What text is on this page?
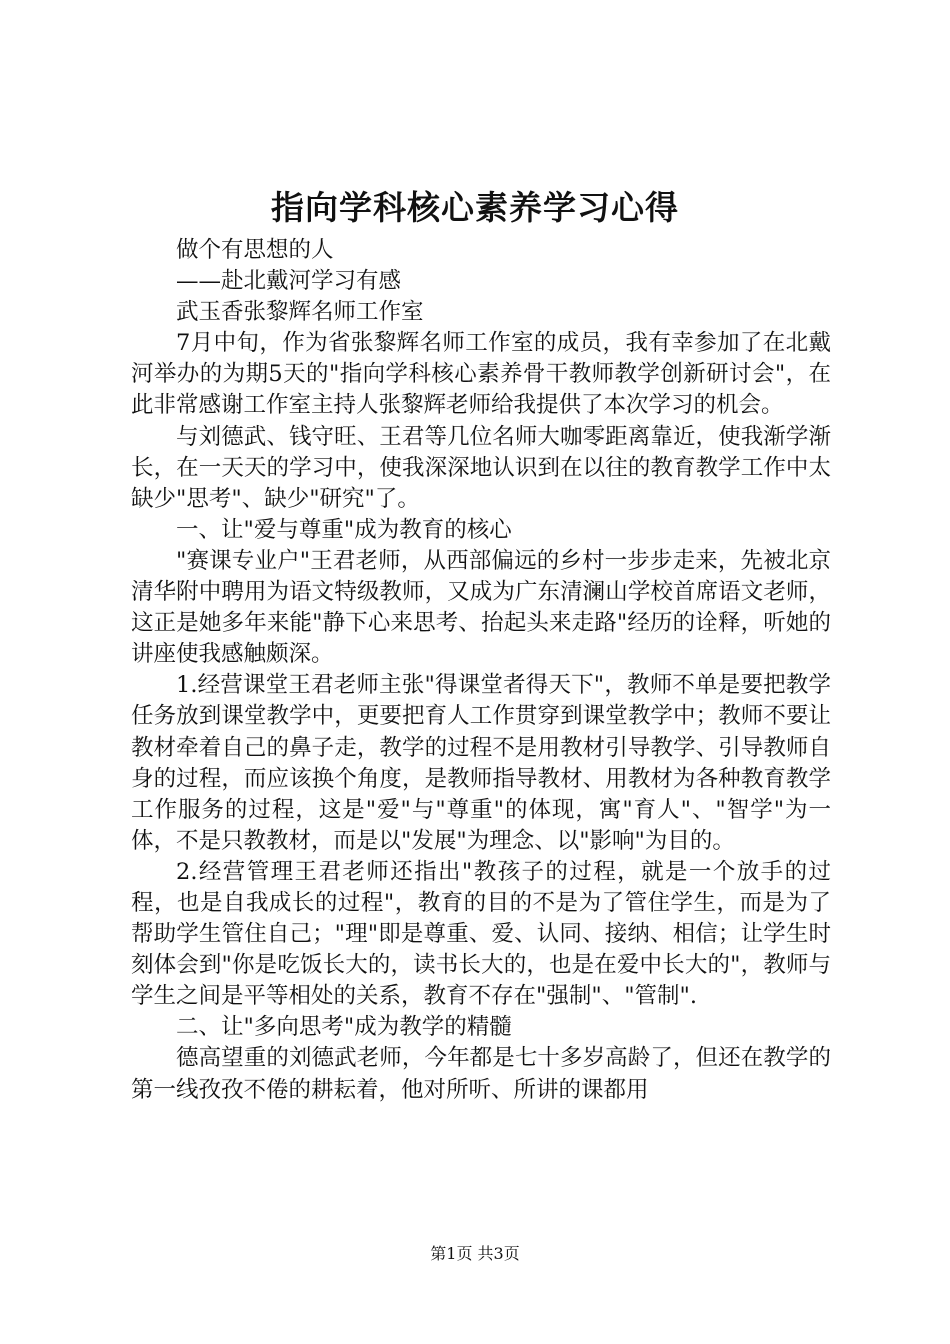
指向学科核心素养学习心得

做个有思想的人

——赴北戴河学习有感

武玉香张黎辉名师工作室

7月中旬，作为省张黎辉名师工作室的成员，我有幸参加了在北戴河举办的为期5天的"指向学科核心素养骨干教师教学创新研讨会"，在此非常感谢工作室主持人张黎辉老师给我提供了本次学习的机会。

与刘德武、钱守旺、王君等几位名师大咖零距离靠近，使我渐学渐长，在一天天的学习中，使我深深地认识到在以往的教育教学工作中太缺少"思考"、缺少"研究"了。

一、让"爱与尊重"成为教育的核心

"赛课专业户"王君老师，从西部偏远的乡村一步步走来，先被北京清华附中聘用为语文特级教师，又成为广东清澜山学校首席语文老师，这正是她多年来能"静下心来思考、抬起头来走路"经历的诠释，听她的讲座使我感触颇深。

1.经营课堂王君老师主张"得课堂者得天下"，教师不单是要把教学任务放到课堂教学中，更要把育人工作贯穿到课堂教学中；教师不要让教材牵着自己的鼻子走，教学的过程不是用教材引导教学、引导教师自身的过程，而应该换个角度，是教师指导教材、用教材为各种教育教学工作服务的过程，这是"爱"与"尊重"的体现，寓"育人"、"智学"为一体，不是只教教材，而是以"发展"为理念、以"影响"为目的。

2.经营管理王君老师还指出"教孩子的过程，就是一个放手的过程，也是自我成长的过程"，教育的目的不是为了管住学生，而是为了帮助学生管住自己；"理"即是尊重、爱、认同、接纳、相信；让学生时刻体会到"你是吃饭长大的，读书长大的，也是在爱中长大的"，教师与学生之间是平等相处的关系，教育不存在"强制"、"管制".

二、让"多向思考"成为教学的精髓

德高望重的刘德武老师，今年都是七十多岁高龄了，但还在教学的第一线孜孜不倦的耕耘着，他对所听、所讲的课都用

第1页 共3页
